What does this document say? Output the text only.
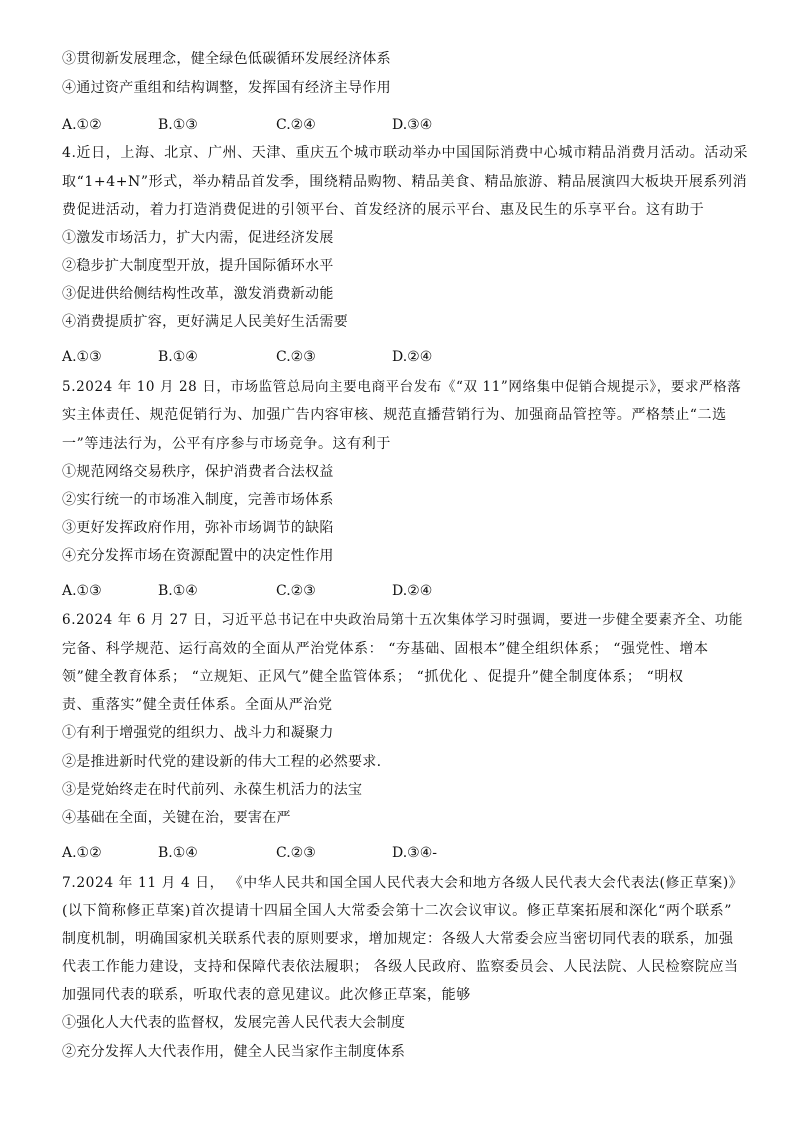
③贯彻新发展理念，健全绿色低碳循环发展经济体系
④通过资产重组和结构调整，发挥国有经济主导作用
A.①②	B.①③	C.②④	D.③④
4.近日，上海、北京、广州、天津、重庆五个城市联动举办中国国际消费中心城市精品消费月活动。活动采
取“1+4+N”形式，举办精品首发季，围绕精品购物、精品美食、精品旅游、精品展演四大板块开展系列消
费促进活动，着力打造消费促进的引领平台、首发经济的展示平台、惠及民生的乐享平台。这有助于
①激发市场活力，扩大内需，促进经济发展
②稳步扩大制度型开放，提升国际循环水平
③促进供给侧结构性改革，激发消费新动能
④消费提质扩容，更好满足人民美好生活需要
A.①③	B.①④	C.②③	D.②④
5.2024 年 10 月 28 日，市场监管总局向主要电商平台发布《“双 11”网络集中促销合规提示》，要求严格落
实主体责任、规范促销行为、加强广告内容审核、规范直播营销行为、加强商品管控等。严格禁止“二选
一”等违法行为，公平有序参与市场竞争。这有利于
①规范网络交易秩序，保护消费者合法权益
②实行统一的市场准入制度，完善市场体系
③更好发挥政府作用，弥补市场调节的缺陷
④充分发挥市场在资源配置中的决定性作用
A.①③	B.①④	C.②③	D.②④
6.2024 年 6 月 27 日，习近平总书记在中央政治局第十五次集体学习时强调，要进一步健全要素齐全、功能
完备、科学规范、运行高效的全面从严治党体系： “夯基础、固根本”健全组织体系； “强党性、增本
领”健全教育体系； “立规矩、正风气”健全监管体系； “抓优化 、促提升”健全制度体系； “明权
责、重落实”健全责任体系。全面从严治党
①有利于增强党的组织力、战斗力和凝聚力
②是推进新时代党的建设新的伟大工程的必然要求.
③是党始终走在时代前列、永葆生机活力的法宝
④基础在全面，关键在治，要害在严
A.①②	B.①④	C.②③	D.③④-
7.2024 年 11 月 4 日， 《中华人民共和国全国人民代表大会和地方各级人民代表大会代表法(修正草案)》
(以下简称修正草案)首次提请十四届全国人大常委会第十二次会议审议。修正草案拓展和深化“两个联系”
制度机制，明确国家机关联系代表的原则要求，增加规定：各级人大常委会应当密切同代表的联系，加强
代表工作能力建设，支持和保障代表依法履职； 各级人民政府、监察委员会、人民法院、人民检察院应当
加强同代表的联系，听取代表的意见建议。此次修正草案，能够
①强化人大代表的监督权，发展完善人民代表大会制度
②充分发挥人大代表作用，健全人民当家作主制度体系
